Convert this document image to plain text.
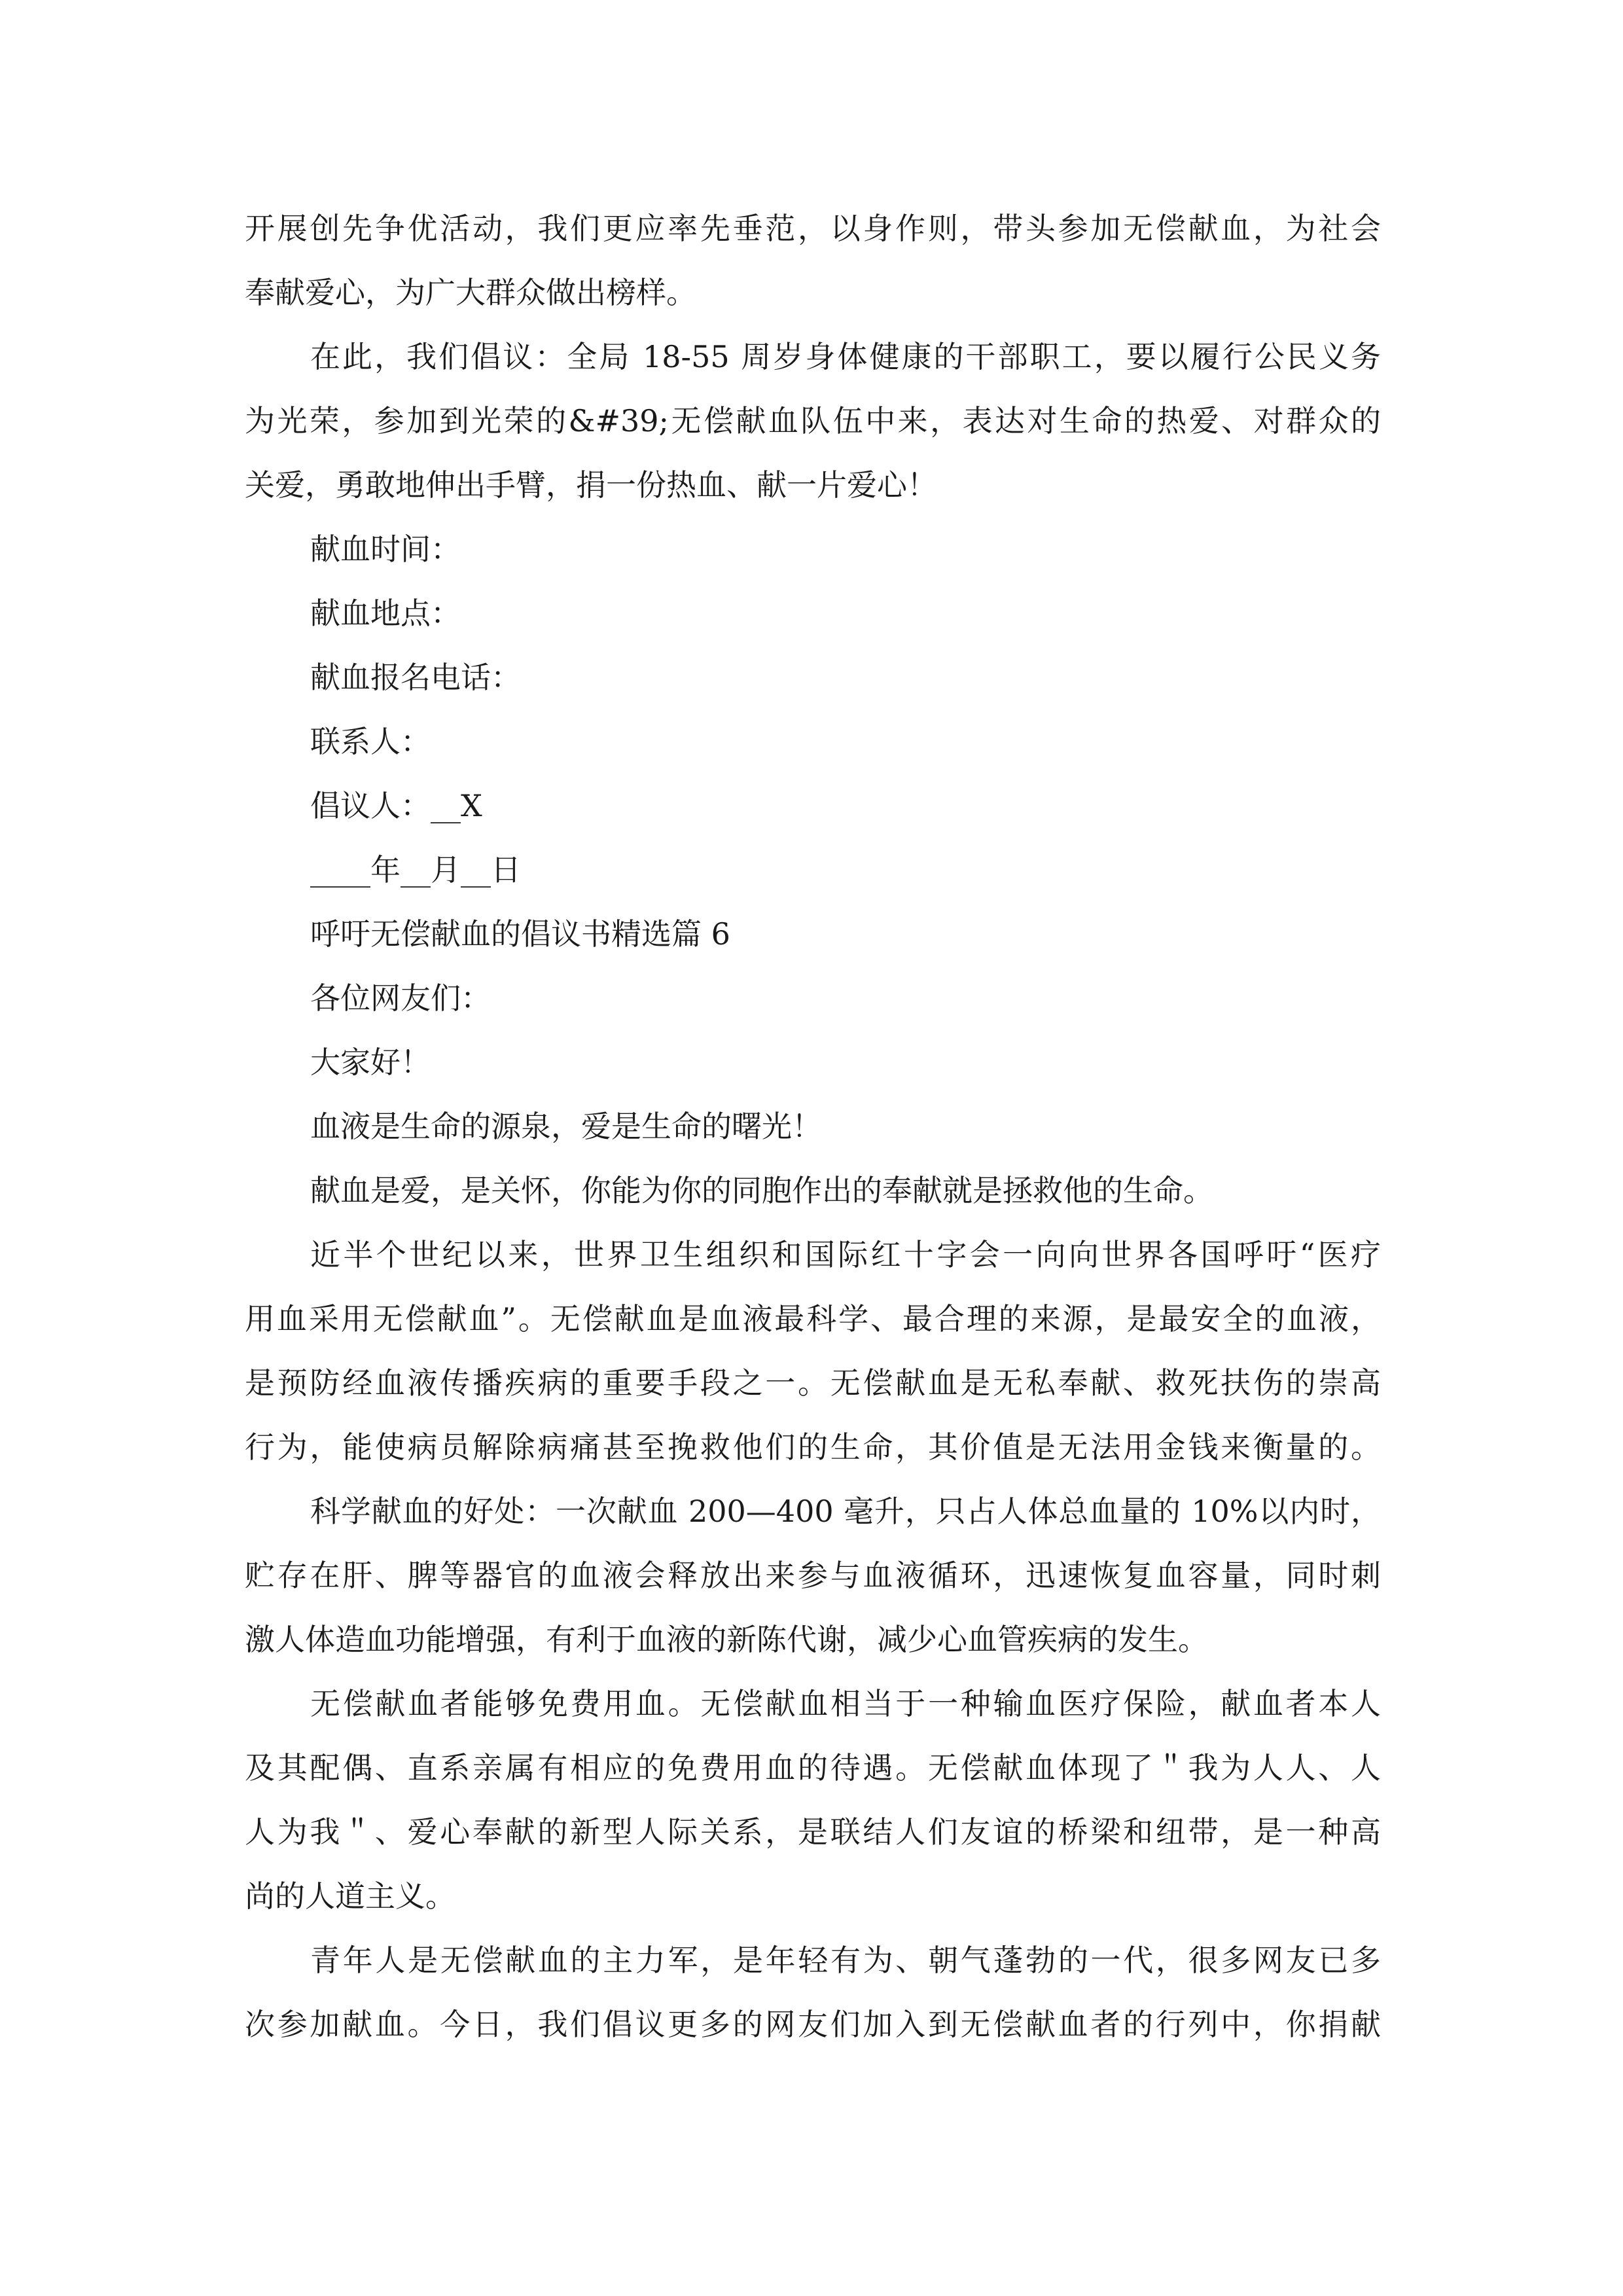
开展创先争优活动，我们更应率先垂范，以身作则，带头参加无偿献血，为社会
奉献爱心，为广大群众做出榜样。
在此，我们倡议：全局 18-55 周岁身体健康的干部职工，要以履行公民义务
为光荣，参加到光荣的&#39;无偿献血队伍中来，表达对生命的热爱、对群众的
关爱，勇敢地伸出手臂，捐一份热血、献一片爱心！
献血时间：
献血地点：
献血报名电话：
联系人：
倡议人：__X
____年__月__日
呼吁无偿献血的倡议书精选篇 6
各位网友们：
大家好！
血液是生命的源泉，爱是生命的曙光！
献血是爱，是关怀，你能为你的同胞作出的奉献就是拯救他的生命。
近半个世纪以来，世界卫生组织和国际红十字会一向向世界各国呼吁“医疗
用血采用无偿献血”。无偿献血是血液最科学、最合理的来源，是最安全的血液，
是预防经血液传播疾病的重要手段之一。无偿献血是无私奉献、救死扶伤的崇高
行为，能使病员解除病痛甚至挽救他们的生命，其价值是无法用金钱来衡量的。
科学献血的好处：一次献血 200—400 毫升，只占人体总血量的 10%以内时，
贮存在肝、脾等器官的血液会释放出来参与血液循环，迅速恢复血容量，同时刺
激人体造血功能增强，有利于血液的新陈代谢，减少心血管疾病的发生。
无偿献血者能够免费用血。无偿献血相当于一种输血医疗保险，献血者本人
及其配偶、直系亲属有相应的免费用血的待遇。无偿献血体现了＂我为人人、人
人为我＂、爱心奉献的新型人际关系，是联结人们友谊的桥梁和纽带，是一种高
尚的人道主义。
青年人是无偿献血的主力军，是年轻有为、朝气蓬勃的一代，很多网友已多
次参加献血。今日，我们倡议更多的网友们加入到无偿献血者的行列中，你捐献
